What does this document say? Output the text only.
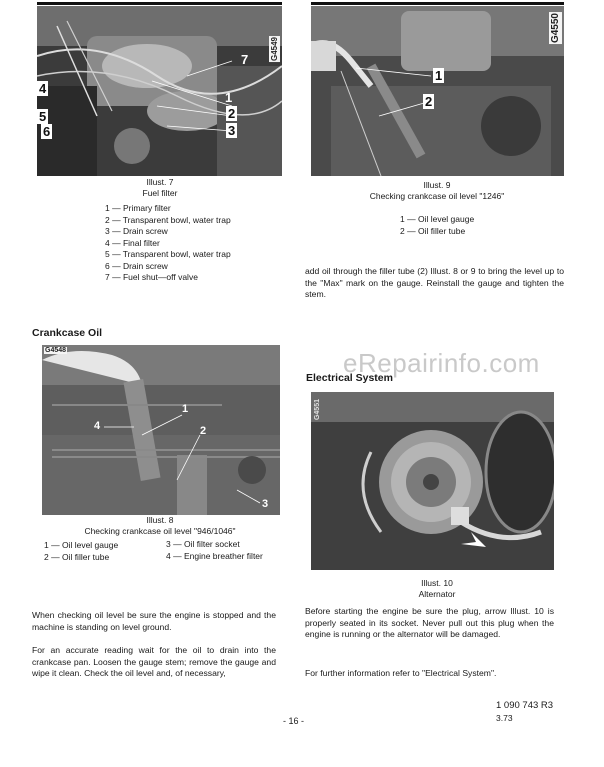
G4549
7
4
5
6
2
1
3
Illust. 7
Fuel filter
1 — Primary filter
2 — Transparent bowl, water trap
3 — Drain screw
4 — Final filter
5 — Transparent bowl, water trap
6 — Drain screw
7 — Fuel shut—off valve
G4550
1
2
Illust. 9
Checking crankcase oil level "1246"
1 — Oil level gauge
2 — Oil filler tube
add oil through the filler tube (2) Illust. 8 or 9 to bring the level up to the "Max" mark on the gauge. Reinstall the gauge and tighten the stem.
Crankcase Oil
G4548
1
4	2
3
Illust. 8
Checking crankcase oil level "946/1046"
1 — Oil level gauge
2 — Oil filler tube
3 — Oil filter socket
4 — Engine breather filter
eRepairinfo.com
Electrical System
G4551
Illust. 10
Alternator
When checking oil level be sure the engine is stopped and the machine is standing on level ground.
For an accurate reading wait for the oil to drain into the crankcase pan. Loosen the gauge stem; remove the gauge and wipe it clean. Check the oil level and, of necessary,
Before starting the engine be sure the plug, arrow Illust. 10 is properly seated in its socket. Never pull out this plug when the engine is running or the alternator will be damaged.
For further information refer to "Electrical System".
1 090 743 R3
3.73
- 16 -
